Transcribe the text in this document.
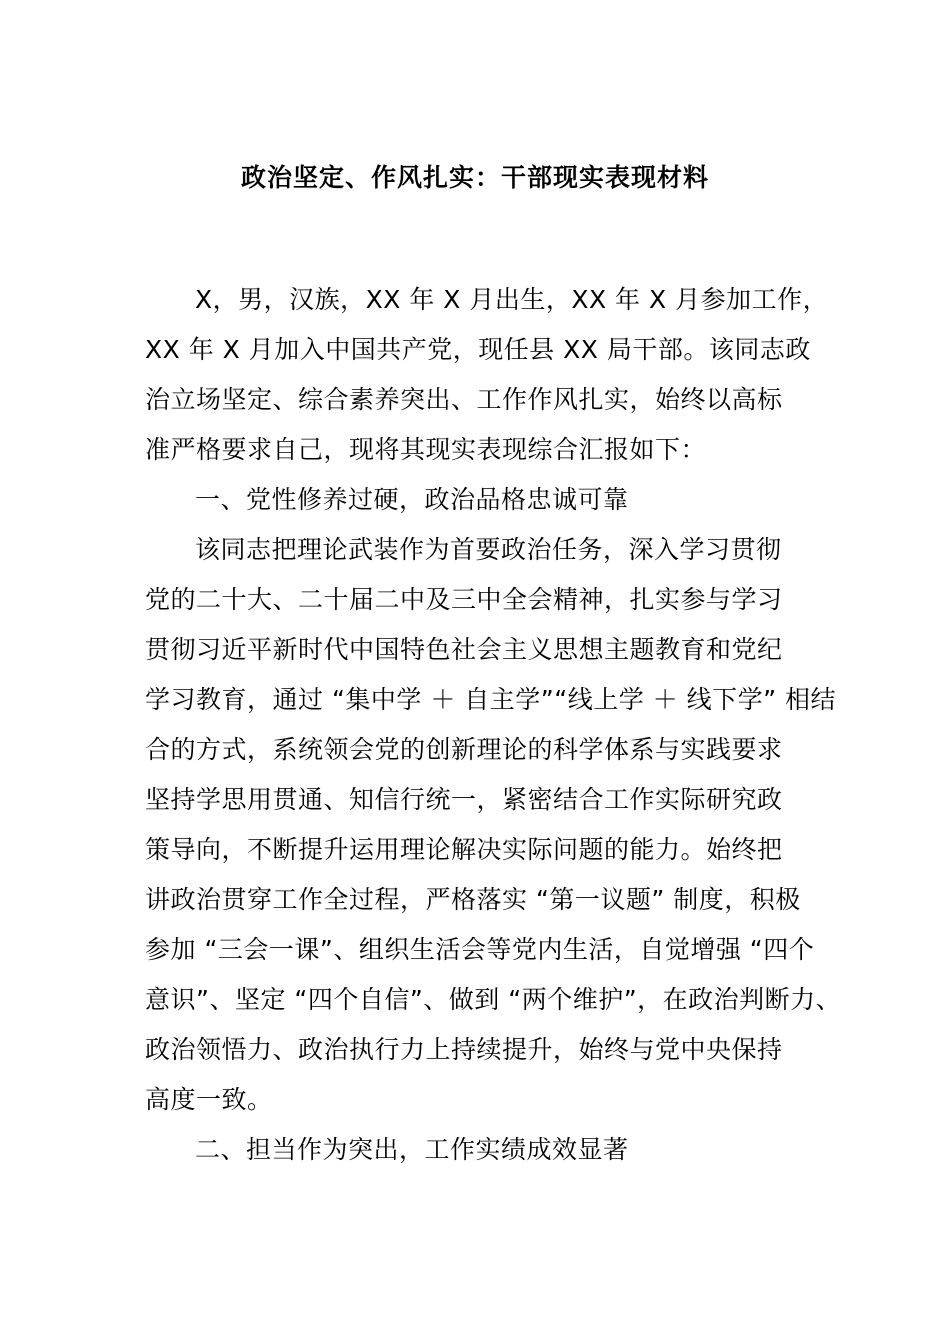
政治坚定、作风扎实：干部现实表现材料
X，男，汉族，XX 年 X 月出生，XX 年 X 月参加工作，
XX 年 X 月加入中国共产党，现任县 XX 局干部。该同志政
治立场坚定、综合素养突出、工作作风扎实，始终以高标
准严格要求自己，现将其现实表现综合汇报如下：
一、党性修养过硬，政治品格忠诚可靠
该同志把理论武装作为首要政治任务，深入学习贯彻
党的二十大、二十届二中及三中全会精神，扎实参与学习
贯彻习近平新时代中国特色社会主义思想主题教育和党纪
学习教育，通过 “集中学 ＋ 自主学”“线上学 ＋ 线下学” 相结
合的方式，系统领会党的创新理论的科学体系与实践要求
坚持学思用贯通、知信行统一，紧密结合工作实际研究政
策导向，不断提升运用理论解决实际问题的能力。始终把
讲政治贯穿工作全过程，严格落实 “第一议题” 制度，积极
参加 “三会一课”、组织生活会等党内生活，自觉增强 “四个
意识”、坚定 “四个自信”、做到 “两个维护”，在政治判断力、
政治领悟力、政治执行力上持续提升，始终与党中央保持
高度一致。
二、担当作为突出，工作实绩成效显著
